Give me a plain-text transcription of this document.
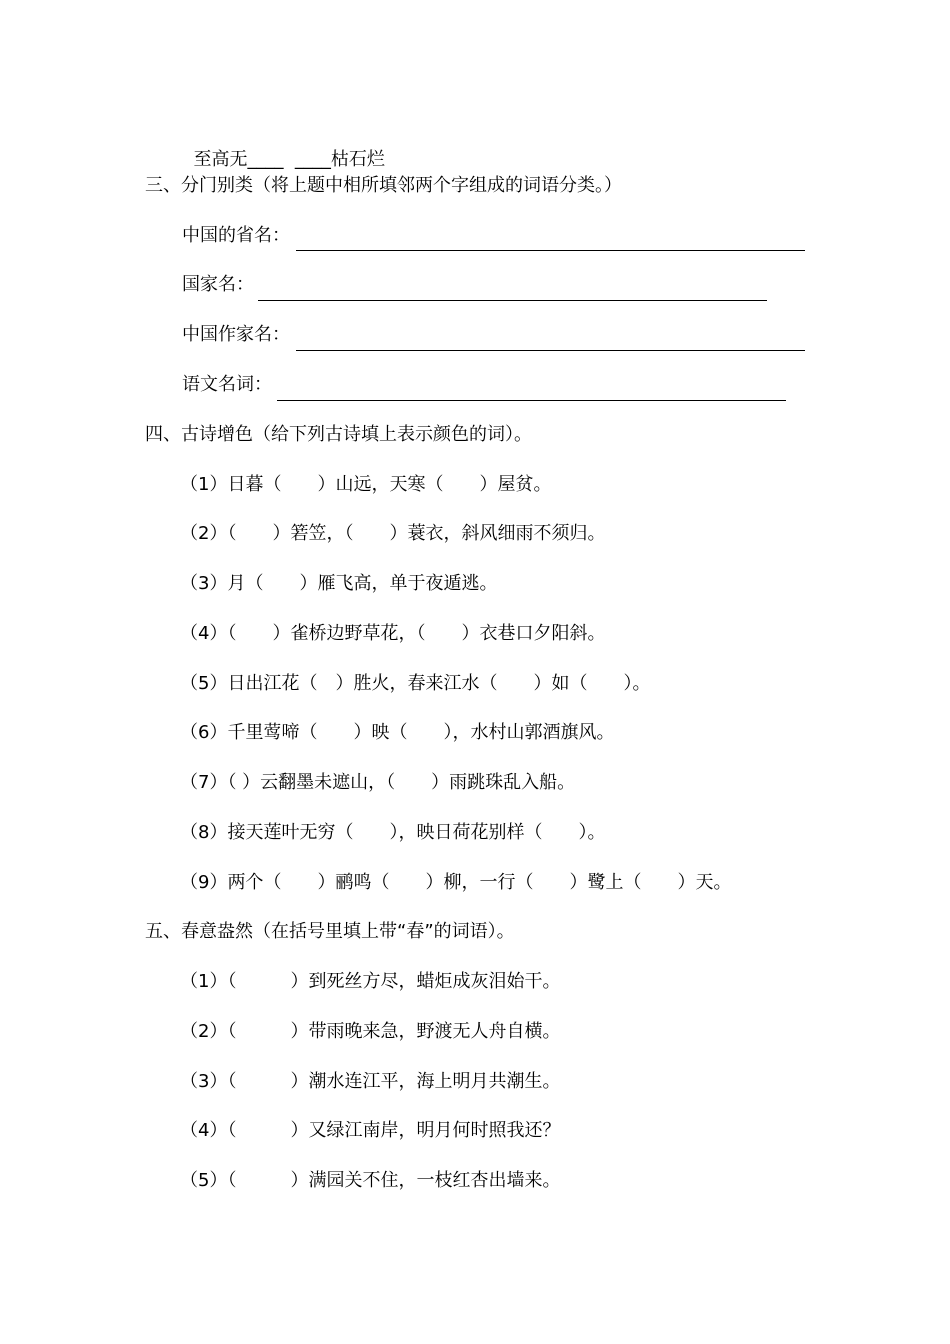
至高无____ ____枯石烂

三、分门别类（将上题中相所填邻两个字组成的词语分类。）
中国的省名：
国家名：
中国作家名：
语文名词：
四、古诗增色（给下列古诗填上表示颜色的词）。
（1）日暮（　　）山远，天寒（　　）屋贫。
（2）（　　）箬笠，（　　）蓑衣，斜风细雨不须归。
（3）月（　　）雁飞高，单于夜遁逃。
（4）（　　）雀桥边野草花，（　　）衣巷口夕阳斜。
（5）日出江花（　）胜火，春来江水（　　）如（　　）。
（6）千里莺啼（　　）映（　　），水村山郭酒旗风。
（7）（ ）云翻墨未遮山，（　　）雨跳珠乱入船。
（8）接天莲叶无穷（　　），映日荷花别样（　　）。
（9）两个（　　）鹂鸣（　　）柳，一行（　　）鹭上（　　）天。
五、春意盎然（在括号里填上带“春”的词语）。
（1）（　　　）到死丝方尽，蜡炬成灰泪始干。
（2）（　　　）带雨晚来急，野渡无人舟自横。
（3）（　　　）潮水连江平，海上明月共潮生。
（4）（　　　）又绿江南岸，明月何时照我还？
（5）（　　　）满园关不住，一枝红杏出墙来。
